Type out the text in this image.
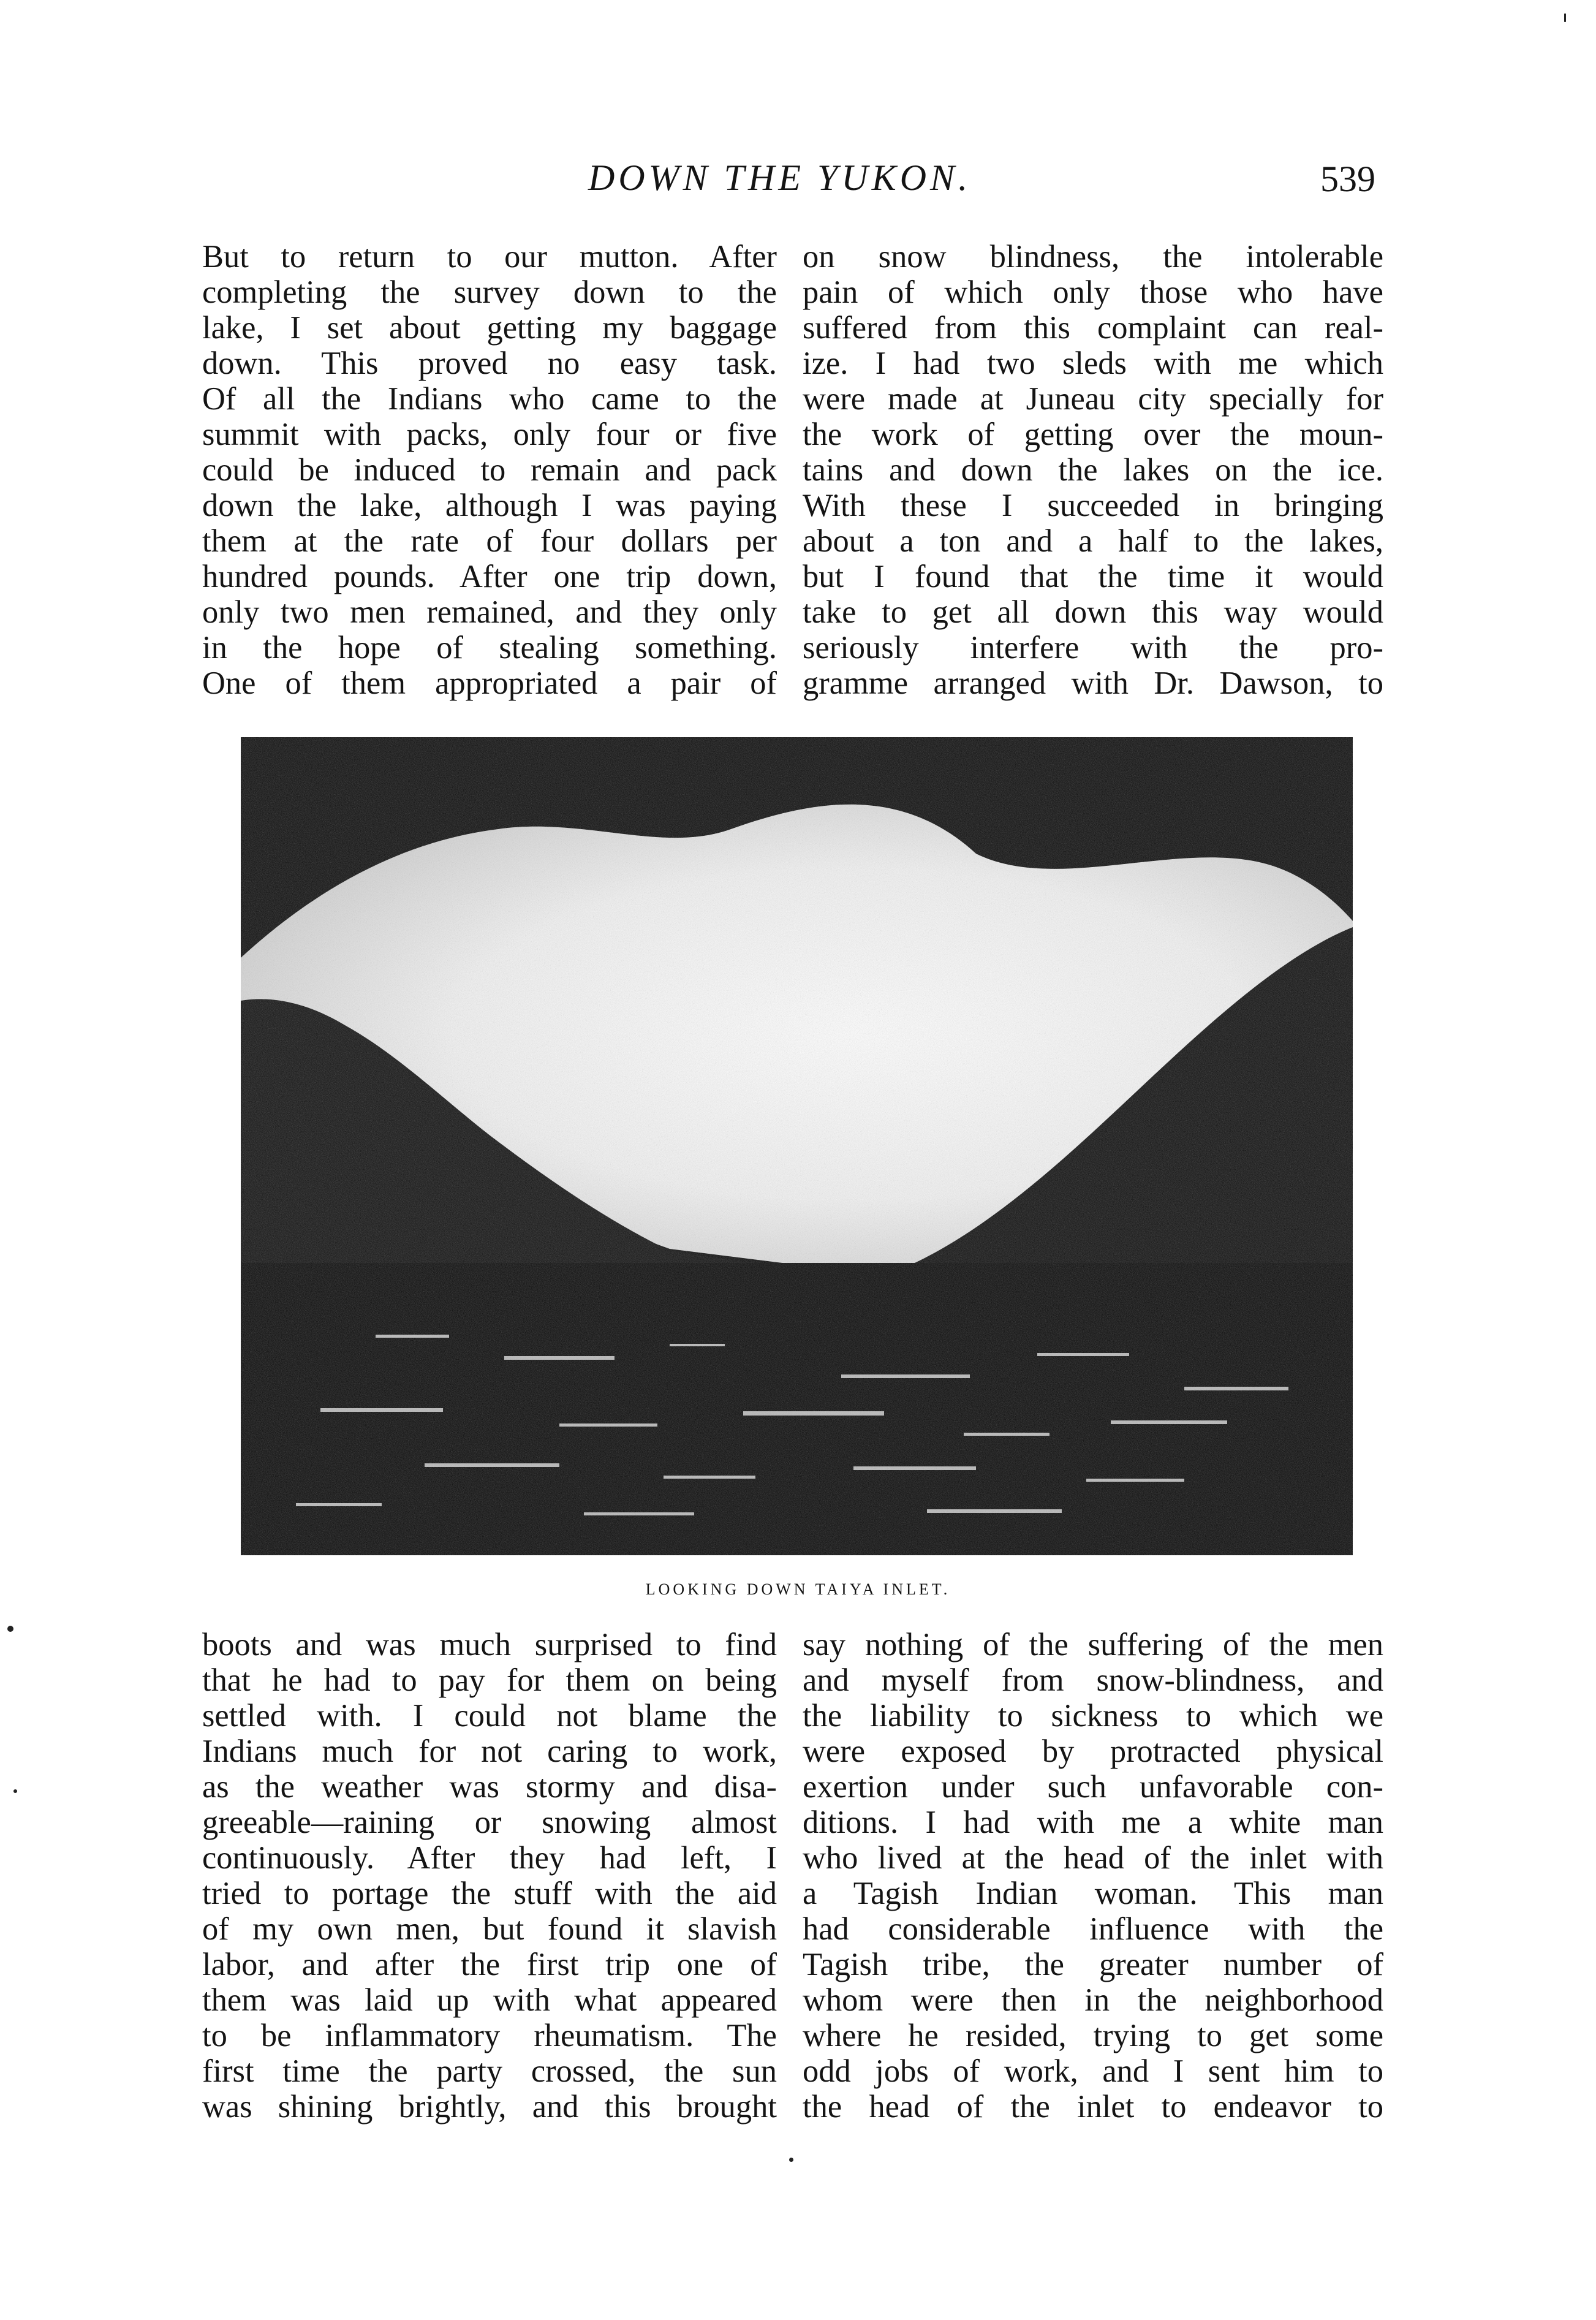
DOWN THE YUKON.	539
But to return to our mutton. After
completing the survey down to the
lake, I set about getting my baggage
down. This proved no easy task.
Of all the Indians who came to the
summit with packs, only four or five
could be induced to remain and pack
down the lake, although I was paying
them at the rate of four dollars per
hundred pounds. After one trip down,
only two men remained, and they only
in the hope of stealing something.
One of them appropriated a pair of
on snow blindness, the intolerable
pain of which only those who have
suffered from this complaint can real-
ize. I had two sleds with me which
were made at Juneau city specially for
the work of getting over the moun-
tains and down the lakes on the ice.
With these I succeeded in bringing
about a ton and a half to the lakes,
but I found that the time it would
take to get all down this way would
seriously interfere with the pro-
gramme arranged with Dr. Dawson, to
LOOKING DOWN TAIYA INLET.
boots and was much surprised to find
that he had to pay for them on being
settled with. I could not blame the
Indians much for not caring to work,
as the weather was stormy and disa-
greeable—raining or snowing almost
continuously. After they had left, I
tried to portage the stuff with the aid
of my own men, but found it slavish
labor, and after the first trip one of
them was laid up with what appeared
to be inflammatory rheumatism. The
first time the party crossed, the sun
was shining brightly, and this brought
say nothing of the suffering of the men
and myself from snow-blindness, and
the liability to sickness to which we
were exposed by protracted physical
exertion under such unfavorable con-
ditions. I had with me a white man
who lived at the head of the inlet with
a Tagish Indian woman. This man
had considerable influence with the
Tagish tribe, the greater number of
whom were then in the neighborhood
where he resided, trying to get some
odd jobs of work, and I sent him to
the head of the inlet to endeavor to
